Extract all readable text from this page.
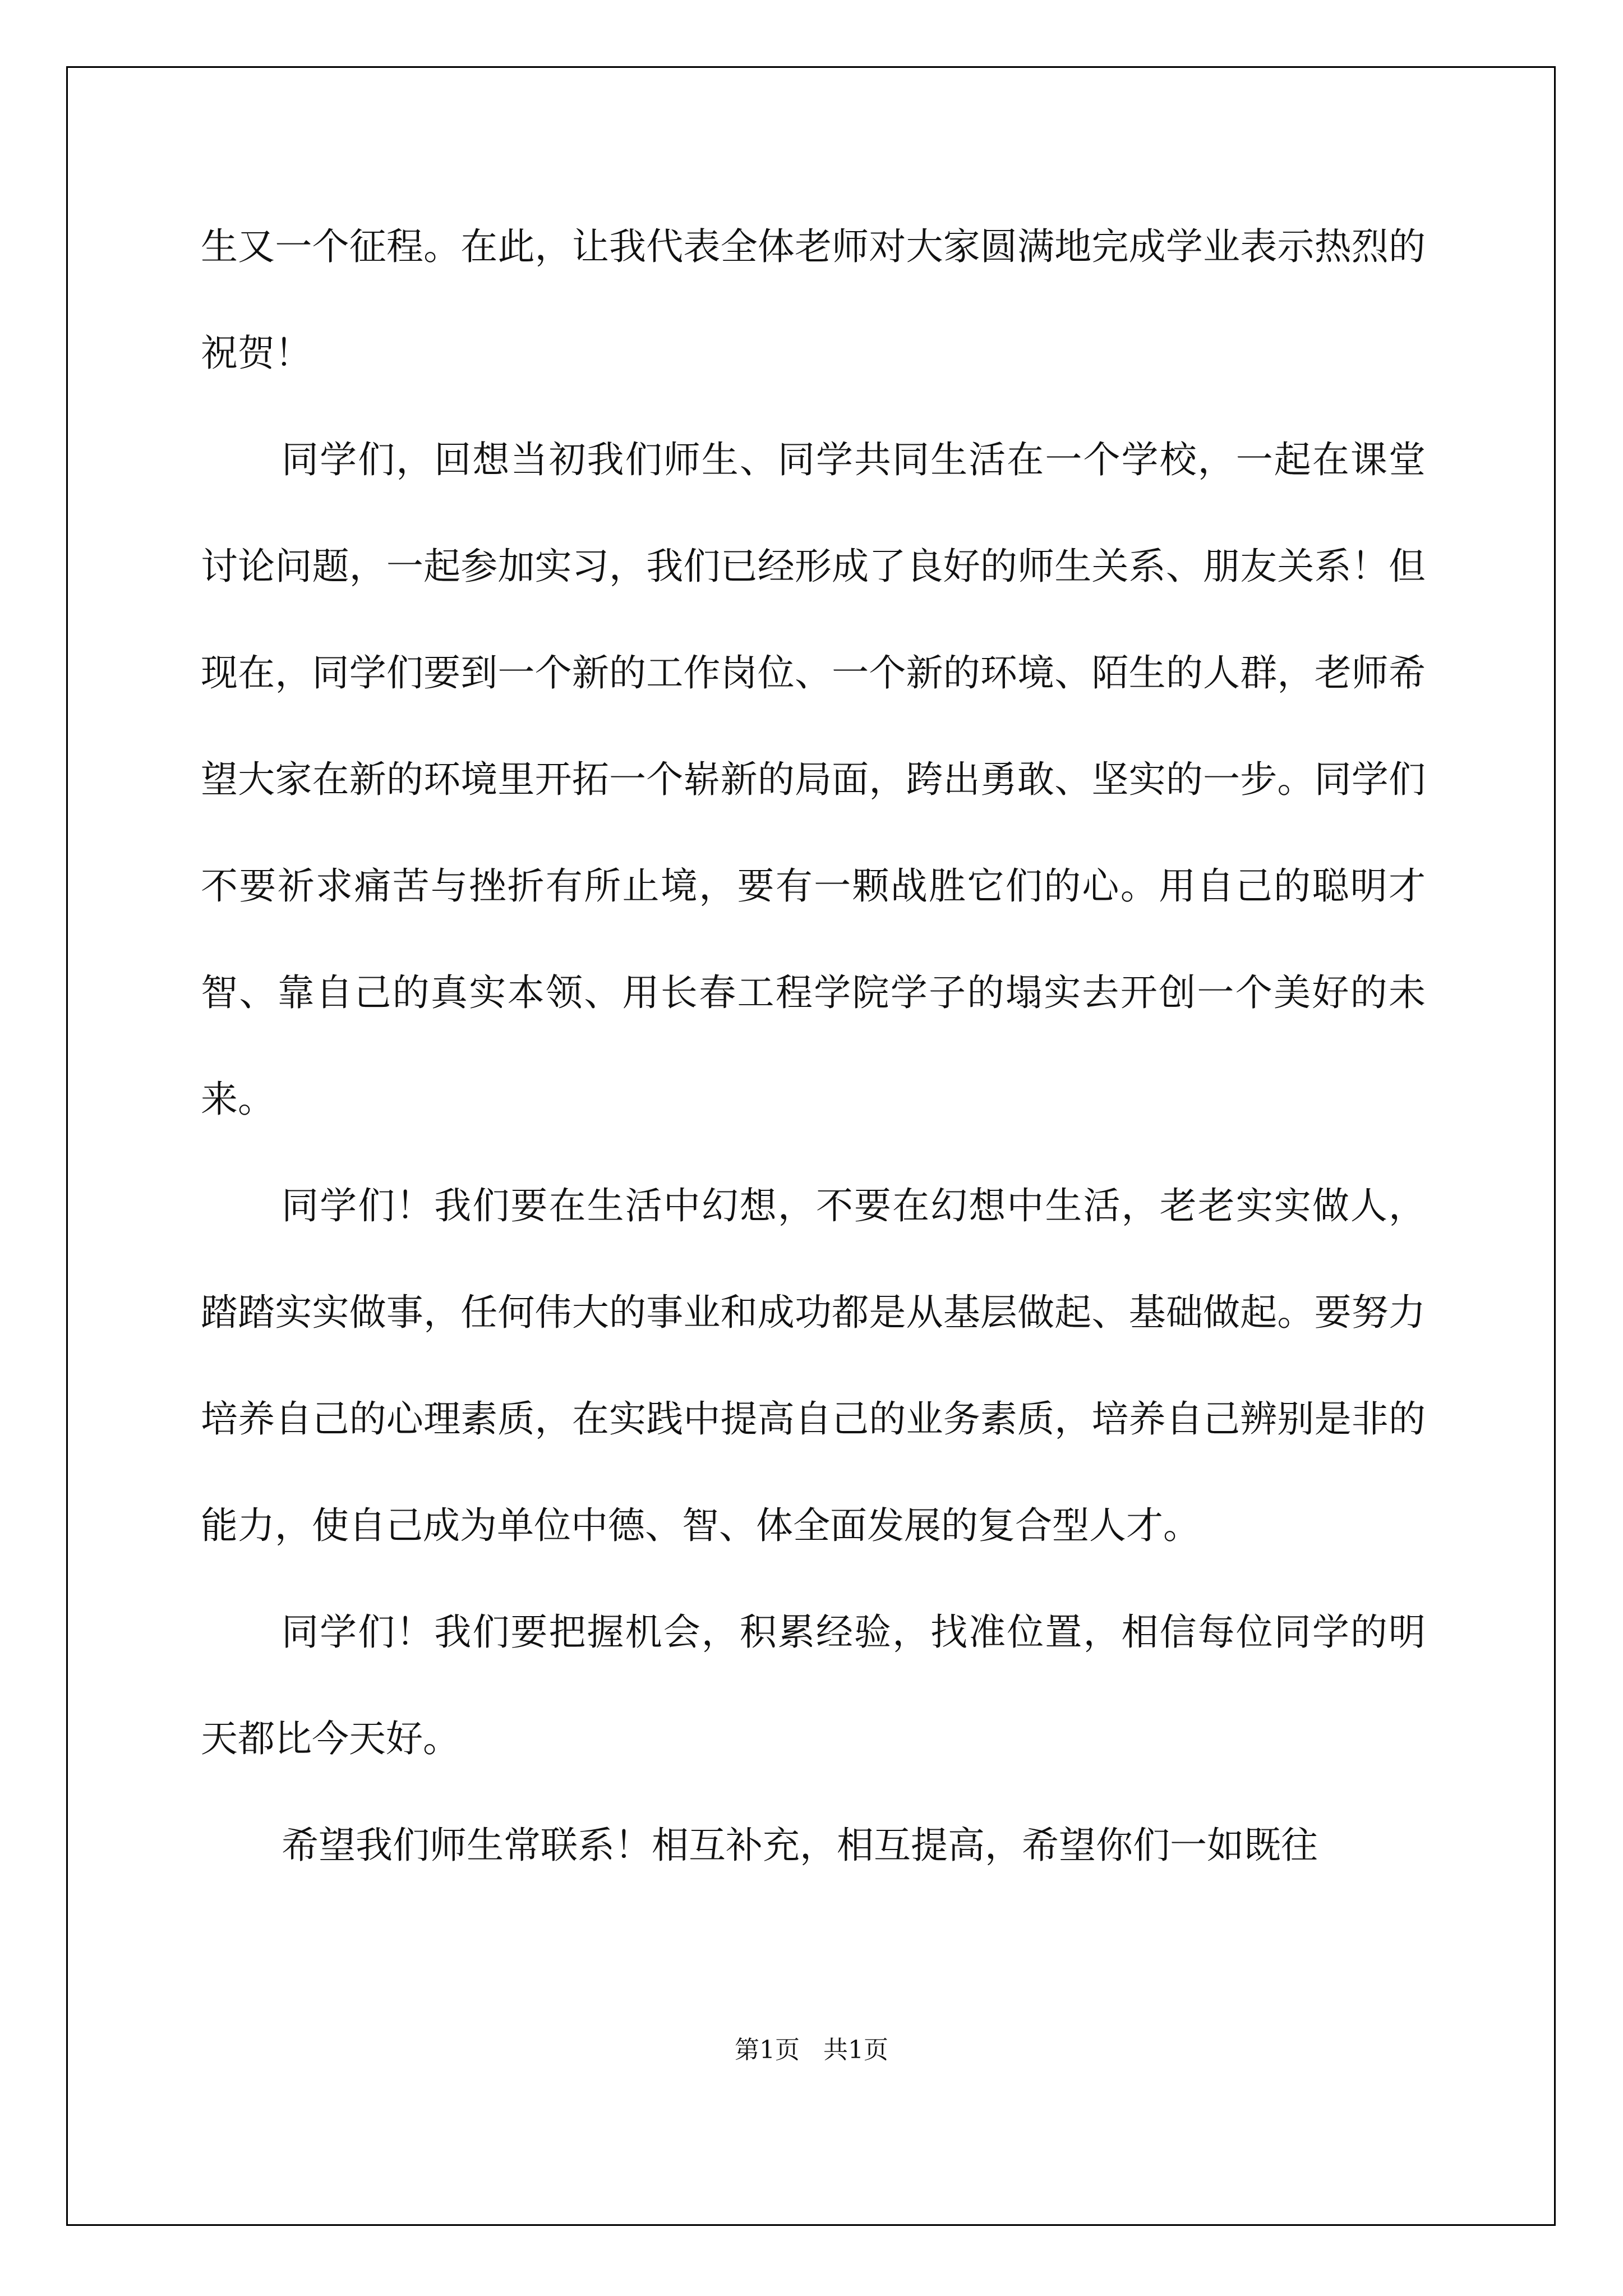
生又一个征程。在此，让我代表全体老师对大家圆满地完成学业表示热烈的祝贺！

同学们，回想当初我们师生、同学共同生活在一个学校，一起在课堂讨论问题，一起参加实习，我们已经形成了良好的师生关系、朋友关系！但现在，同学们要到一个新的工作岗位、一个新的环境、陌生的人群，老师希望大家在新的环境里开拓一个崭新的局面，跨出勇敢、坚实的一步。同学们不要祈求痛苦与挫折有所止境，要有一颗战胜它们的心。用自己的聪明才智、靠自己的真实本领、用长春工程学院学子的塌实去开创一个美好的未来。

同学们！我们要在生活中幻想，不要在幻想中生活，老老实实做人，踏踏实实做事，任何伟大的事业和成功都是从基层做起、基础做起。要努力培养自己的心理素质，在实践中提高自己的业务素质，培养自己辨别是非的能力，使自己成为单位中德、智、体全面发展的复合型人才。

同学们！我们要把握机会，积累经验，找准位置，相信每位同学的明天都比今天好。

希望我们师生常联系！相互补充，相互提高，希望你们一如既往

第1页   共1页
